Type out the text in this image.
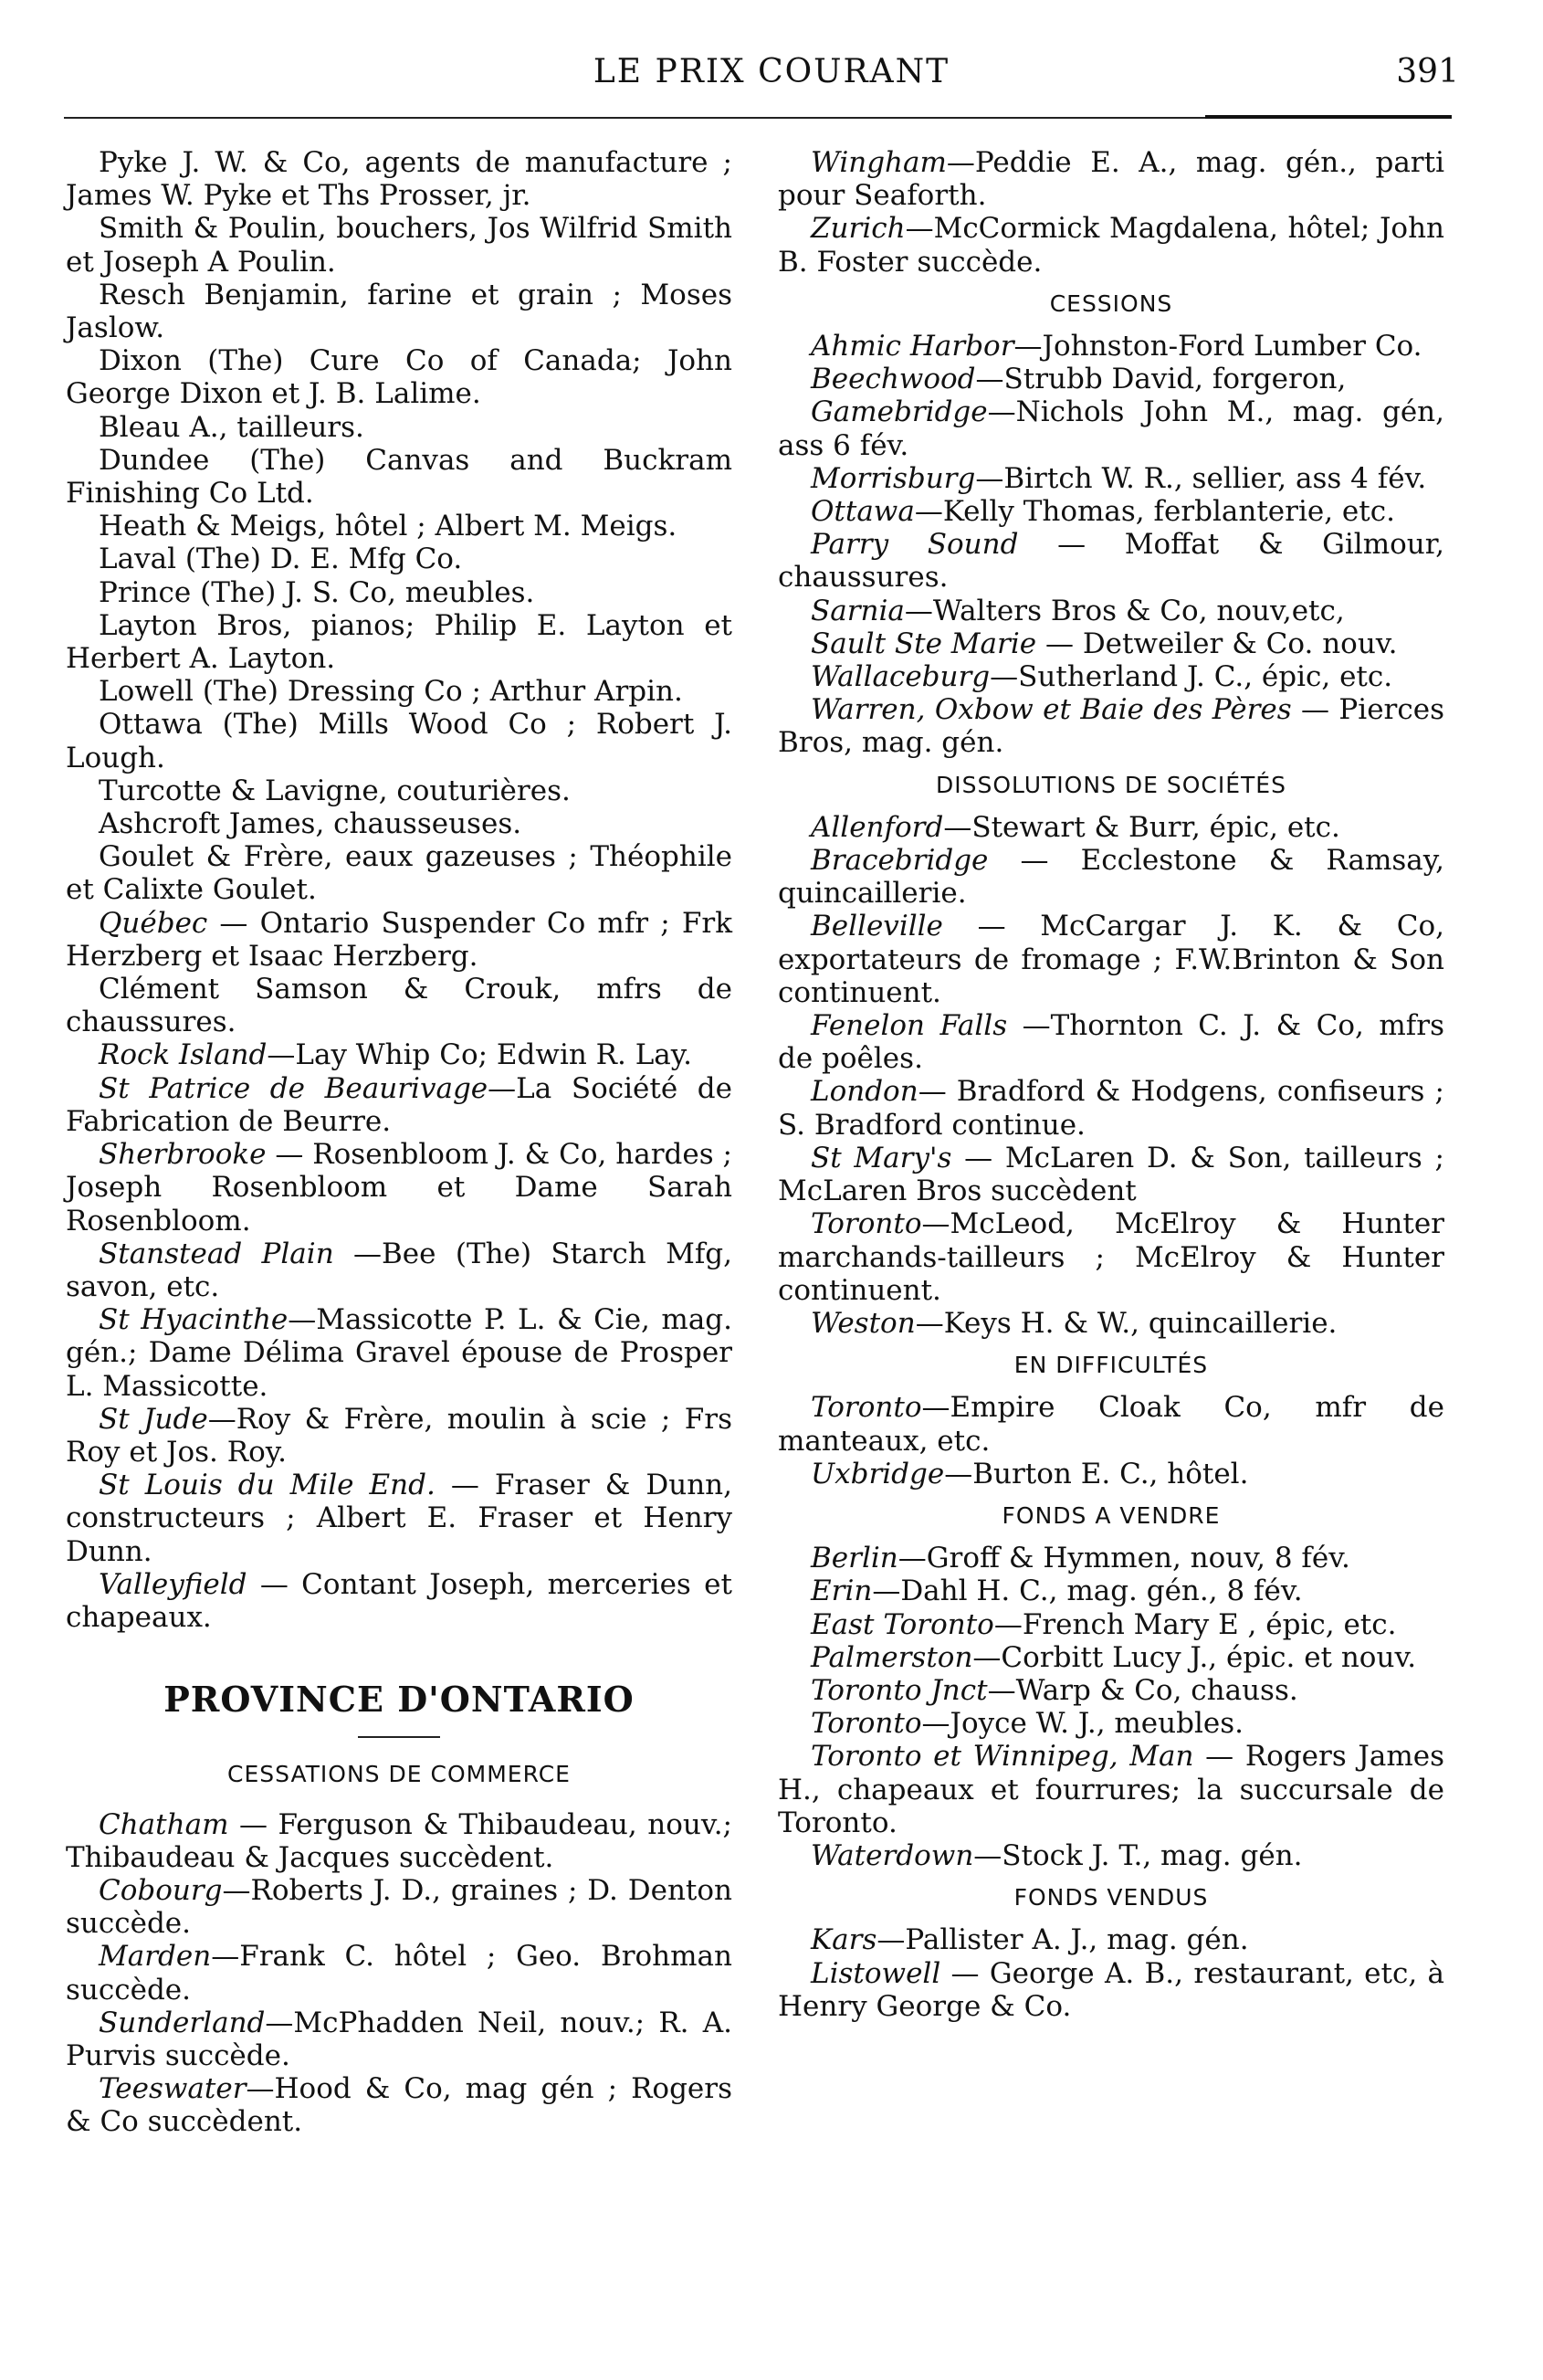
LE PRIX COURANT	391

Pyke J. W. & Co, agents de manufacture ; James W. Pyke et Ths Prosser, jr.

Smith & Poulin, bouchers, Jos Wilfrid Smith et Joseph A Poulin.

Resch Benjamin, farine et grain ; Moses Jaslow.

Dixon (The) Cure Co of Canada; John George Dixon et J. B. Lalime.

Bleau A., tailleurs.

Dundee (The) Canvas and Buckram Finishing Co Ltd.

Heath & Meigs, hôtel ; Albert M. Meigs.

Laval (The) D. E. Mfg Co.

Prince (The) J. S. Co, meubles.

Layton Bros, pianos; Philip E. Layton et Herbert A. Layton.

Lowell (The) Dressing Co ; Arthur Arpin.

Ottawa (The) Mills Wood Co ; Robert J. Lough.

Turcotte & Lavigne, couturières.

Ashcroft James, chausseuses.

Goulet & Frère, eaux gazeuses ; Théophile et Calixte Goulet.

Québec — Ontario Suspender Co mfr ; Frk Herzberg et Isaac Herzberg.

Clément Samson & Crouk, mfrs de chaussures.

Rock Island—Lay Whip Co; Edwin R. Lay.

St Patrice de Beaurivage—La Société de Fabrication de Beurre.

Sherbrooke — Rosenbloom J. & Co, hardes ; Joseph Rosenbloom et Dame Sarah Rosenbloom.

Stanstead Plain —Bee (The) Starch Mfg, savon, etc.

St Hyacinthe—Massicotte P. L. & Cie, mag. gén.; Dame Délima Gravel épouse de Prosper L. Massicotte.

St Jude—Roy & Frère, moulin à scie ; Frs Roy et Jos. Roy.

St Louis du Mile End. — Fraser & Dunn, constructeurs ; Albert E. Fraser et Henry Dunn.

Valleyfield — Contant Joseph, merceries et chapeaux.

PROVINCE D'ONTARIO

CESSATIONS DE COMMERCE

Chatham — Ferguson & Thibaudeau, nouv.; Thibaudeau & Jacques succèdent.

Cobourg—Roberts J. D., graines ; D. Denton succède.

Marden—Frank C. hôtel ; Geo. Brohman succède.

Sunderland—McPhadden Neil, nouv.; R. A. Purvis succède.

Teeswater—Hood & Co, mag gén ; Rogers & Co succèdent.

Wingham—Peddie E. A., mag. gén., parti pour Seaforth.

Zurich—McCormick Magdalena, hôtel; John B. Foster succède.

CESSIONS

Ahmic Harbor—Johnston-Ford Lumber Co.

Beechwood—Strubb David, forgeron,

Gamebridge—Nichols John M., mag. gén, ass 6 fév.

Morrisburg—Birtch W. R., sellier, ass 4 fév.

Ottawa—Kelly Thomas, ferblanterie, etc.

Parry Sound — Moffat & Gilmour, chaussures.

Sarnia—Walters Bros & Co, nouv,etc,

Sault Ste Marie — Detweiler & Co. nouv.

Wallaceburg—Sutherland J. C., épic, etc.

Warren, Oxbow et Baie des Pères — Pierces Bros, mag. gén.

DISSOLUTIONS DE SOCIÉTÉS

Allenford—Stewart & Burr, épic, etc.

Bracebridge — Ecclestone & Ramsay, quincaillerie.

Belleville — McCargar J. K. & Co, exportateurs de fromage ; F.W.Brinton & Son continuent.

Fenelon Falls —Thornton C. J. & Co, mfrs de poêles.

London— Bradford & Hodgens, confiseurs ; S. Bradford continue.

St Mary's — McLaren D. & Son, tailleurs ; McLaren Bros succèdent

Toronto—McLeod, McElroy & Hunter marchands-tailleurs ; McElroy & Hunter continuent.

Weston—Keys H. & W., quincaillerie.

EN DIFFICULTÉS

Toronto—Empire Cloak Co, mfr de manteaux, etc.

Uxbridge—Burton E. C., hôtel.

FONDS A VENDRE

Berlin—Groff & Hymmen, nouv, 8 fév.

Erin—Dahl H. C., mag. gén., 8 fév.

East Toronto—French Mary E , épic, etc.

Palmerston—Corbitt Lucy J., épic. et nouv.

Toronto Jnct—Warp & Co, chauss.

Toronto—Joyce W. J., meubles.

Toronto et Winnipeg, Man — Rogers James H., chapeaux et fourrures; la succursale de Toronto.

Waterdown—Stock J. T., mag. gén.

FONDS VENDUS

Kars—Pallister A. J., mag. gén.

Listowell — George A. B., restaurant, etc, à Henry George & Co.
